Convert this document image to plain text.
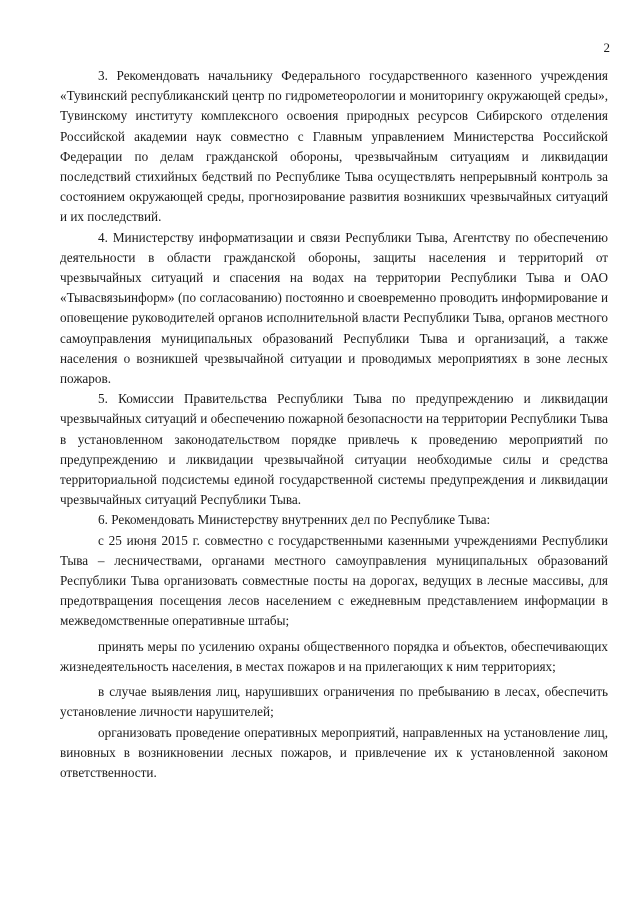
2

3. Рекомендовать начальнику Федерального государственного казенного учреждения «Тувинский республиканский центр по гидрометеорологии и мониторингу окружающей среды», Тувинскому институту комплексного освоения природных ресурсов Сибирского отделения Российской академии наук совместно с Главным управлением Министерства Российской Федерации по делам гражданской обороны, чрезвычайным ситуациям и ликвидации последствий стихийных бедствий по Республике Тыва осуществлять непрерывный контроль за состоянием окружающей среды, прогнозирование развития возникших чрезвычайных ситуаций и их последствий.

4. Министерству информатизации и связи Республики Тыва, Агентству по обеспечению деятельности в области гражданской обороны, защиты населения и территорий от чрезвычайных ситуаций и спасения на водах на территории Республики Тыва и ОАО «Тывасвязьинформ» (по согласованию) постоянно и своевременно проводить информирование и оповещение руководителей органов исполнительной власти Республики Тыва, органов местного самоуправления муниципальных образований Республики Тыва и организаций, а также населения о возникшей чрезвычайной ситуации и проводимых мероприятиях в зоне лесных пожаров.

5. Комиссии Правительства Республики Тыва по предупреждению и ликвидации чрезвычайных ситуаций и обеспечению пожарной безопасности на территории Республики Тыва в установленном законодательством порядке привлечь к проведению мероприятий по предупреждению и ликвидации чрезвычайной ситуации необходимые силы и средства территориальной подсистемы единой государственной системы предупреждения и ликвидации чрезвычайных ситуаций Республики Тыва.

6. Рекомендовать Министерству внутренних дел по Республике Тыва:

с 25 июня 2015 г. совместно с государственными казенными учреждениями Республики Тыва – лесничествами, органами местного самоуправления муниципальных образований Республики Тыва организовать совместные посты на дорогах, ведущих в лесные массивы, для предотвращения посещения лесов населением с ежедневным представлением информации в межведомственные оперативные штабы;

принять меры по усилению охраны общественного порядка и объектов, обеспечивающих жизнедеятельность населения, в местах пожаров и на прилегающих к ним территориях;

в случае выявления лиц, нарушивших ограничения по пребыванию в лесах, обеспечить установление личности нарушителей;

организовать проведение оперативных мероприятий, направленных на установление лиц, виновных в возникновении лесных пожаров, и привлечение их к установленной законом ответственности.
